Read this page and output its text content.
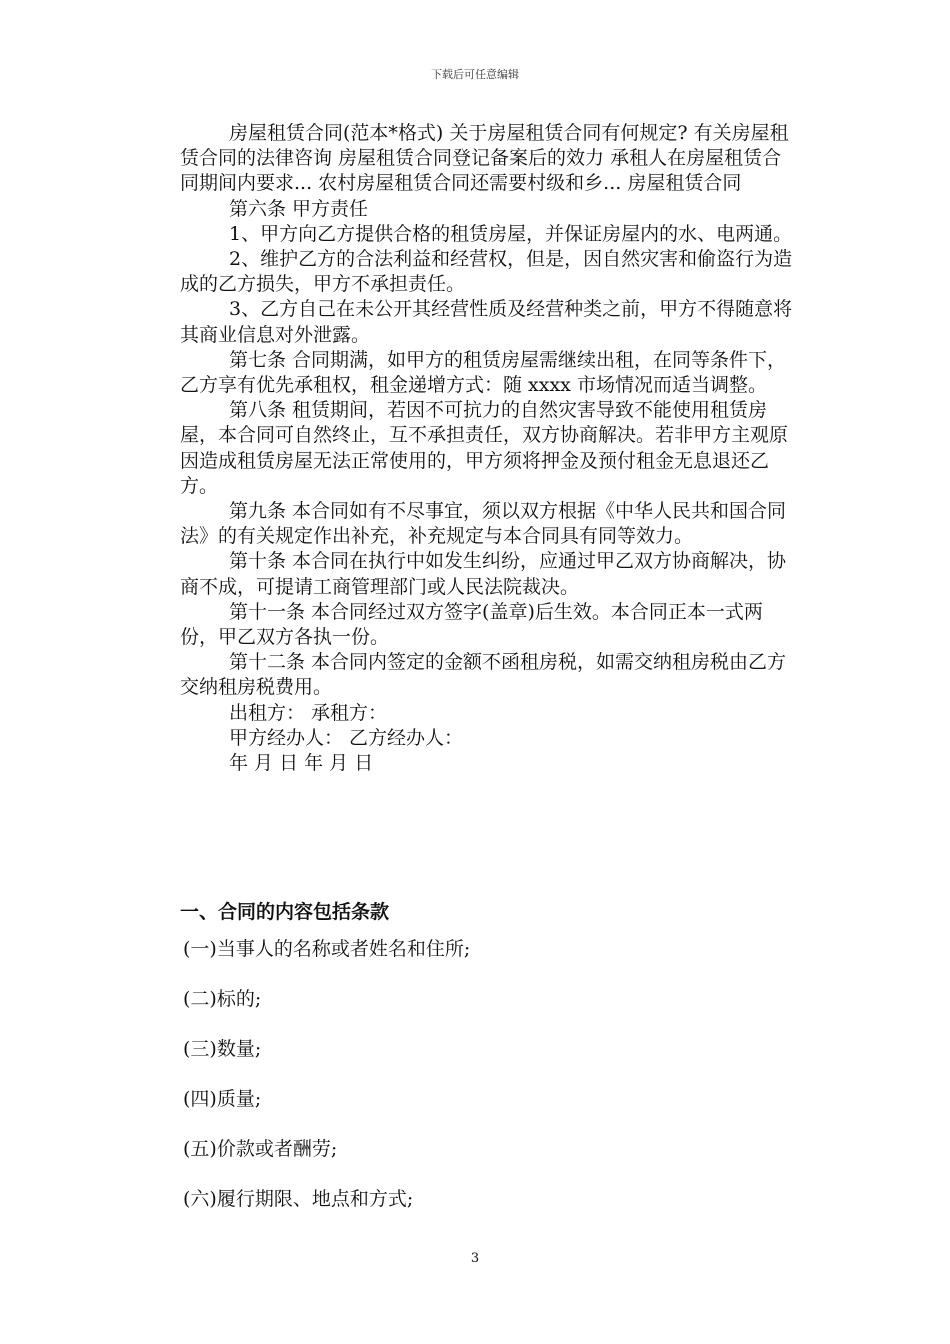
下载后可任意编辑

房屋租赁合同(范本*格式) 关于房屋租赁合同有何规定? 有关房屋租赁合同的法律咨询 房屋租赁合同登记备案后的效力 承租人在房屋租赁合同期间内要求... 农村房屋租赁合同还需要村级和乡... 房屋租赁合同

第六条 甲方责任

1、甲方向乙方提供合格的租赁房屋，并保证房屋内的水、电两通。

2、维护乙方的合法利益和经营权，但是，因自然灾害和偷盗行为造成的乙方损失，甲方不承担责任。

3、乙方自己在未公开其经营性质及经营种类之前，甲方不得随意将其商业信息对外泄露。

第七条 合同期满，如甲方的租赁房屋需继续出租，在同等条件下，乙方享有优先承租权，租金递增方式：随 xxxx 市场情况而适当调整。

第八条 租赁期间，若因不可抗力的自然灾害导致不能使用租赁房屋，本合同可自然终止，互不承担责任，双方协商解决。若非甲方主观原因造成租赁房屋无法正常使用的，甲方须将押金及预付租金无息退还乙方。

第九条 本合同如有不尽事宜，须以双方根据《中华人民共和国合同法》的有关规定作出补充，补充规定与本合同具有同等效力。

第十条 本合同在执行中如发生纠纷，应通过甲乙双方协商解决，协商不成，可提请工商管理部门或人民法院裁决。

第十一条 本合同经过双方签字(盖章)后生效。本合同正本一式两份，甲乙双方各执一份。

第十二条 本合同内签定的金额不函租房税，如需交纳租房税由乙方交纳租房税费用。

出租方： 承租方：

甲方经办人： 乙方经办人：

年 月 日 年 月 日

一、合同的内容包括条款
(一)当事人的名称或者姓名和住所;
(二)标的;
(三)数量;
(四)质量;
(五)价款或者酬劳;
(六)履行期限、地点和方式;
3
